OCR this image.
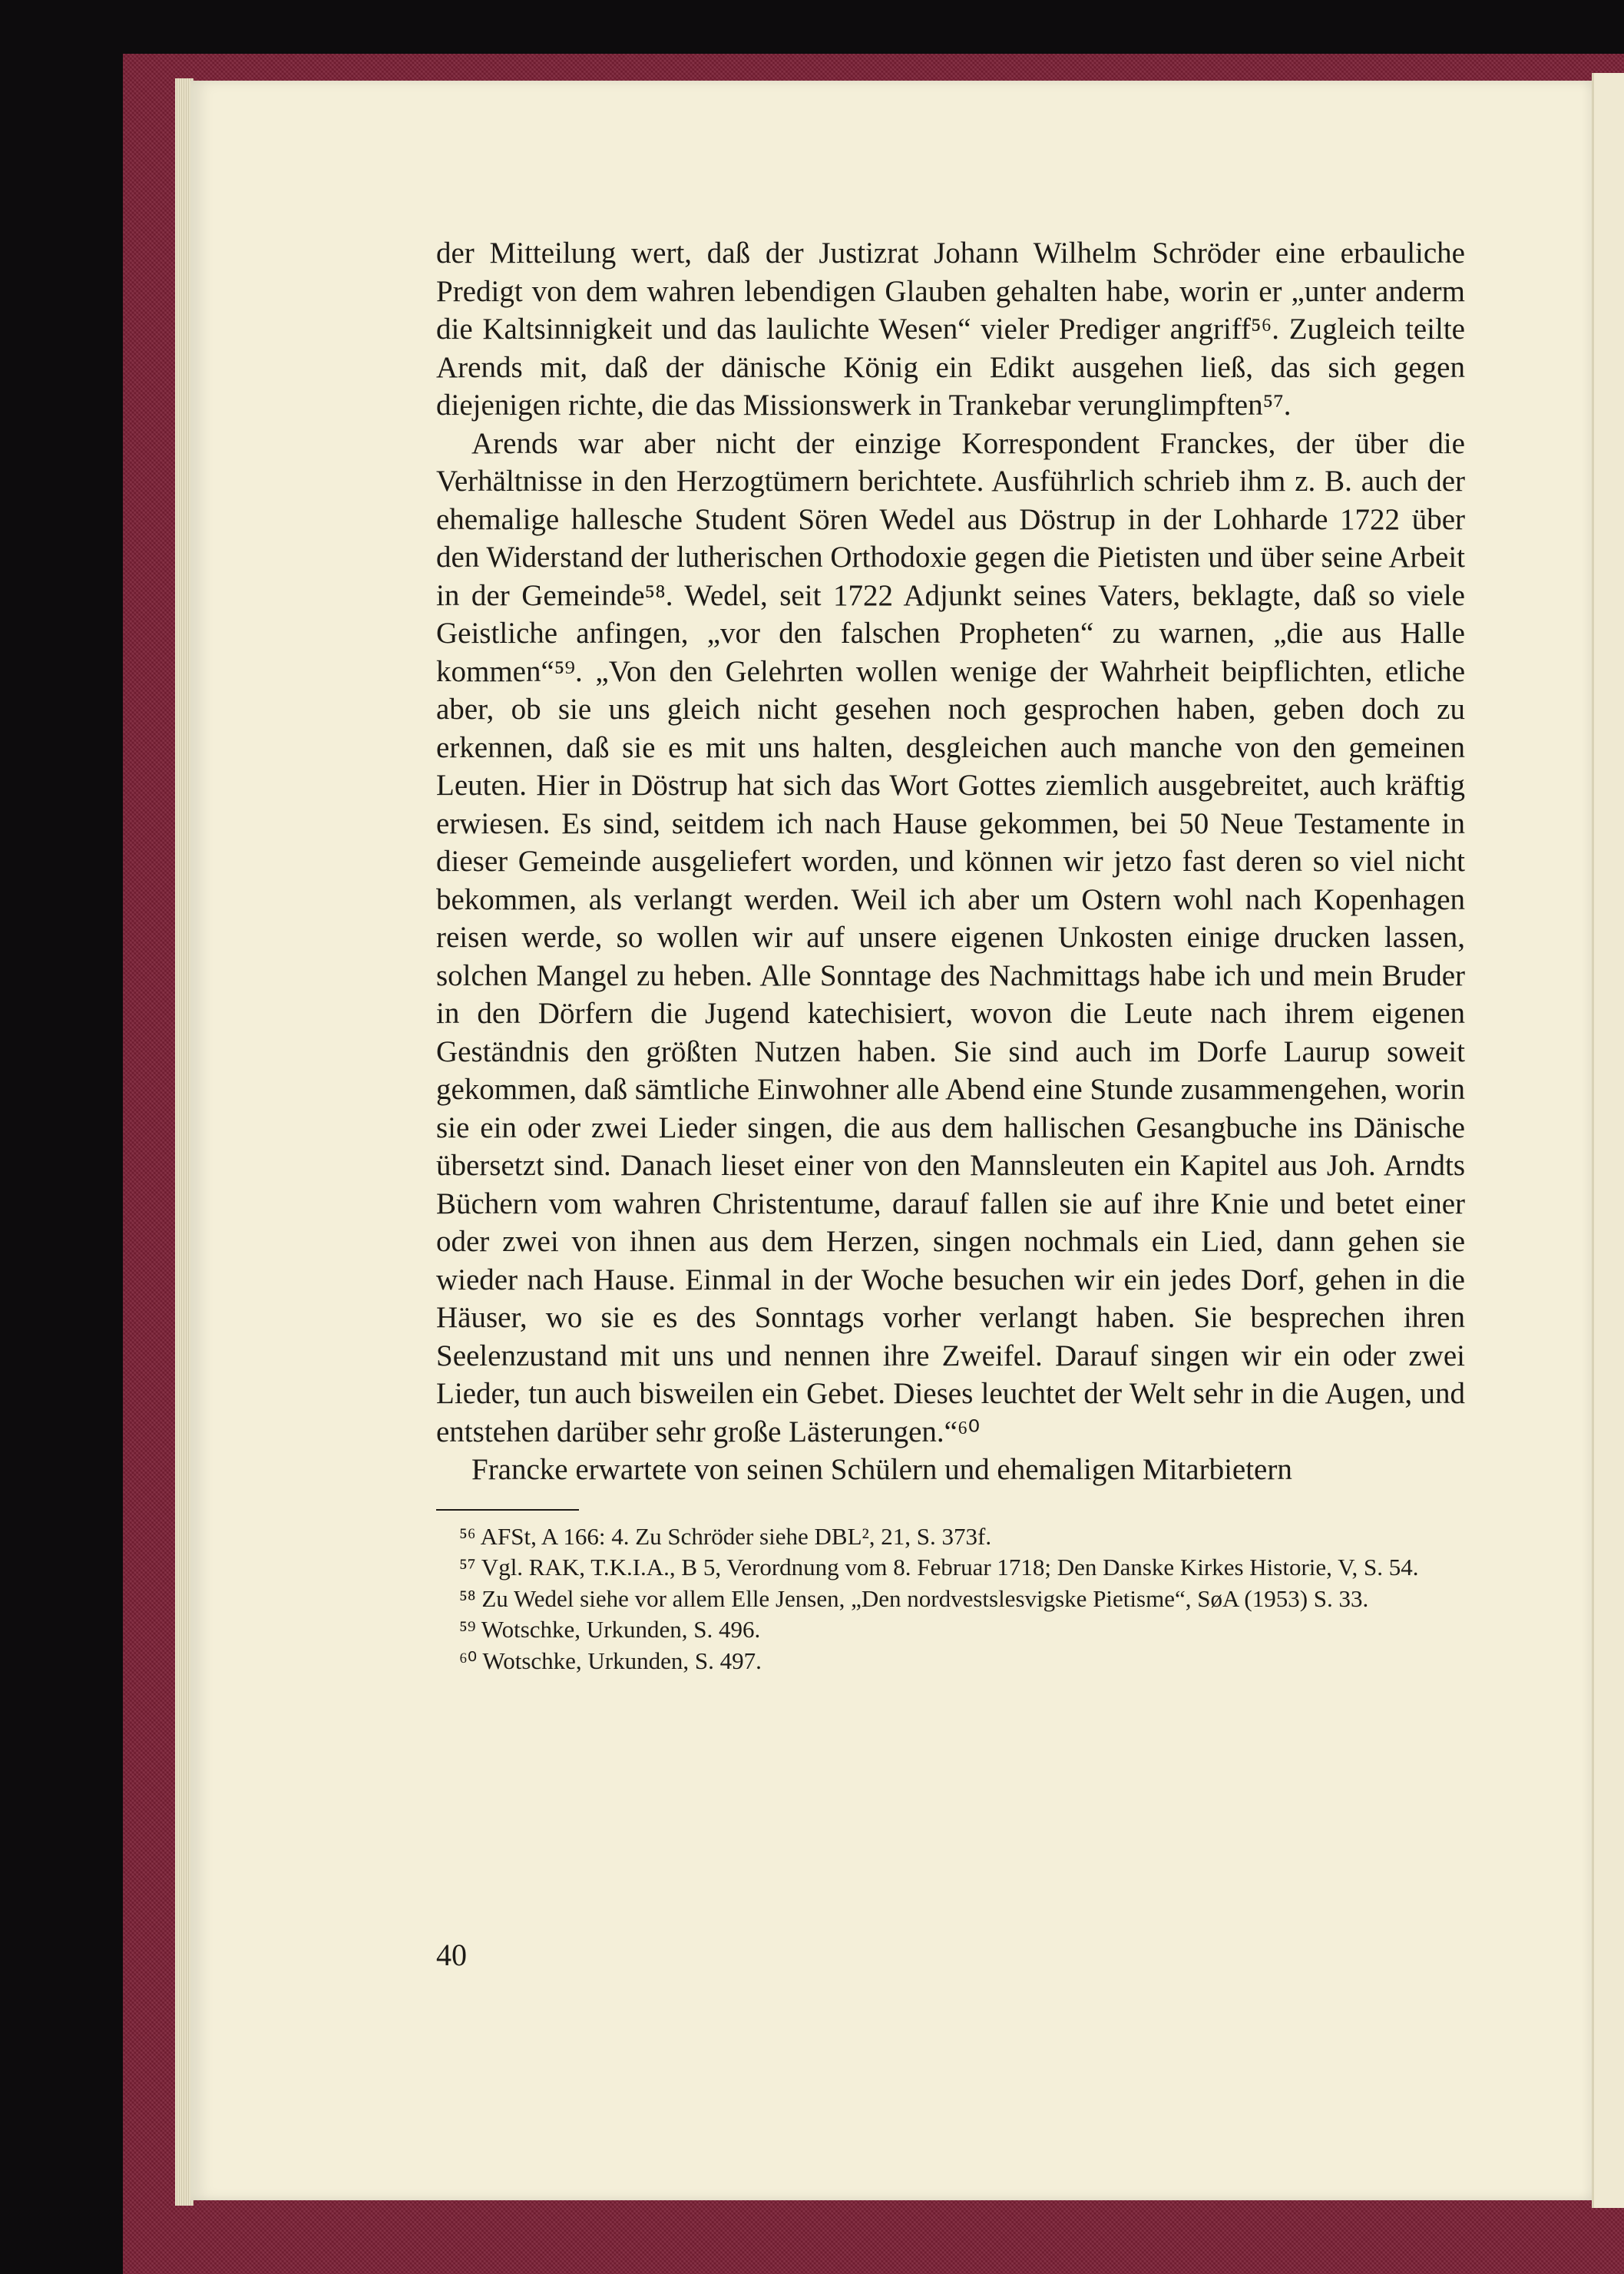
der Mitteilung wert, daß der Justizrat Johann Wilhelm Schröder eine erbauliche Predigt von dem wahren lebendigen Glauben gehalten habe, worin er „unter anderm die Kaltsinnigkeit und das laulichte Wesen“ vieler Prediger angriff⁵⁶. Zugleich teilte Arends mit, daß der dänische König ein Edikt ausgehen ließ, das sich gegen diejenigen richte, die das Missionswerk in Trankebar verunglimpften⁵⁷.

Arends war aber nicht der einzige Korrespondent Franckes, der über die Verhältnisse in den Herzogtümern berichtete. Ausführlich schrieb ihm z. B. auch der ehemalige hallesche Student Sören Wedel aus Döstrup in der Lohharde 1722 über den Widerstand der lutherischen Orthodoxie gegen die Pietisten und über seine Arbeit in der Gemeinde⁵⁸. Wedel, seit 1722 Adjunkt seines Vaters, beklagte, daß so viele Geistliche anfingen, „vor den falschen Propheten“ zu warnen, „die aus Halle kommen“⁵⁹. „Von den Gelehrten wollen wenige der Wahrheit beipflichten, etliche aber, ob sie uns gleich nicht gesehen noch gesprochen haben, geben doch zu erkennen, daß sie es mit uns halten, desgleichen auch manche von den gemeinen Leuten. Hier in Döstrup hat sich das Wort Gottes ziemlich ausgebreitet, auch kräftig erwiesen. Es sind, seitdem ich nach Hause gekommen, bei 50 Neue Testamente in dieser Gemeinde ausgeliefert worden, und können wir jetzo fast deren so viel nicht bekommen, als verlangt werden. Weil ich aber um Ostern wohl nach Kopenhagen reisen werde, so wollen wir auf unsere eigenen Unkosten einige drucken lassen, solchen Mangel zu heben. Alle Sonntage des Nachmittags habe ich und mein Bruder in den Dörfern die Jugend katechisiert, wovon die Leute nach ihrem eigenen Geständnis den größten Nutzen haben. Sie sind auch im Dorfe Laurup soweit gekommen, daß sämtliche Einwohner alle Abend eine Stunde zusammengehen, worin sie ein oder zwei Lieder singen, die aus dem hallischen Gesangbuche ins Dänische übersetzt sind. Danach lieset einer von den Mannsleuten ein Kapitel aus Joh. Arndts Büchern vom wahren Christentume, darauf fallen sie auf ihre Knie und betet einer oder zwei von ihnen aus dem Herzen, singen nochmals ein Lied, dann gehen sie wieder nach Hause. Einmal in der Woche besuchen wir ein jedes Dorf, gehen in die Häuser, wo sie es des Sonntags vorher verlangt haben. Sie besprechen ihren Seelenzustand mit uns und nennen ihre Zweifel. Darauf singen wir ein oder zwei Lieder, tun auch bisweilen ein Gebet. Dieses leuchtet der Welt sehr in die Augen, und entstehen darüber sehr große Lästerungen.“⁶⁰

Francke erwartete von seinen Schülern und ehemaligen Mitarbietern

⁵⁶ AFSt, A 166: 4. Zu Schröder siehe DBL², 21, S. 373f.

⁵⁷ Vgl. RAK, T.K.I.A., B 5, Verordnung vom 8. Februar 1718; Den Danske Kirkes Historie, V, S. 54.

⁵⁸ Zu Wedel siehe vor allem Elle Jensen, „Den nordvestslesvigske Pietisme“, SøA (1953) S. 33.

⁵⁹ Wotschke, Urkunden, S. 496.

⁶⁰ Wotschke, Urkunden, S. 497.

40
